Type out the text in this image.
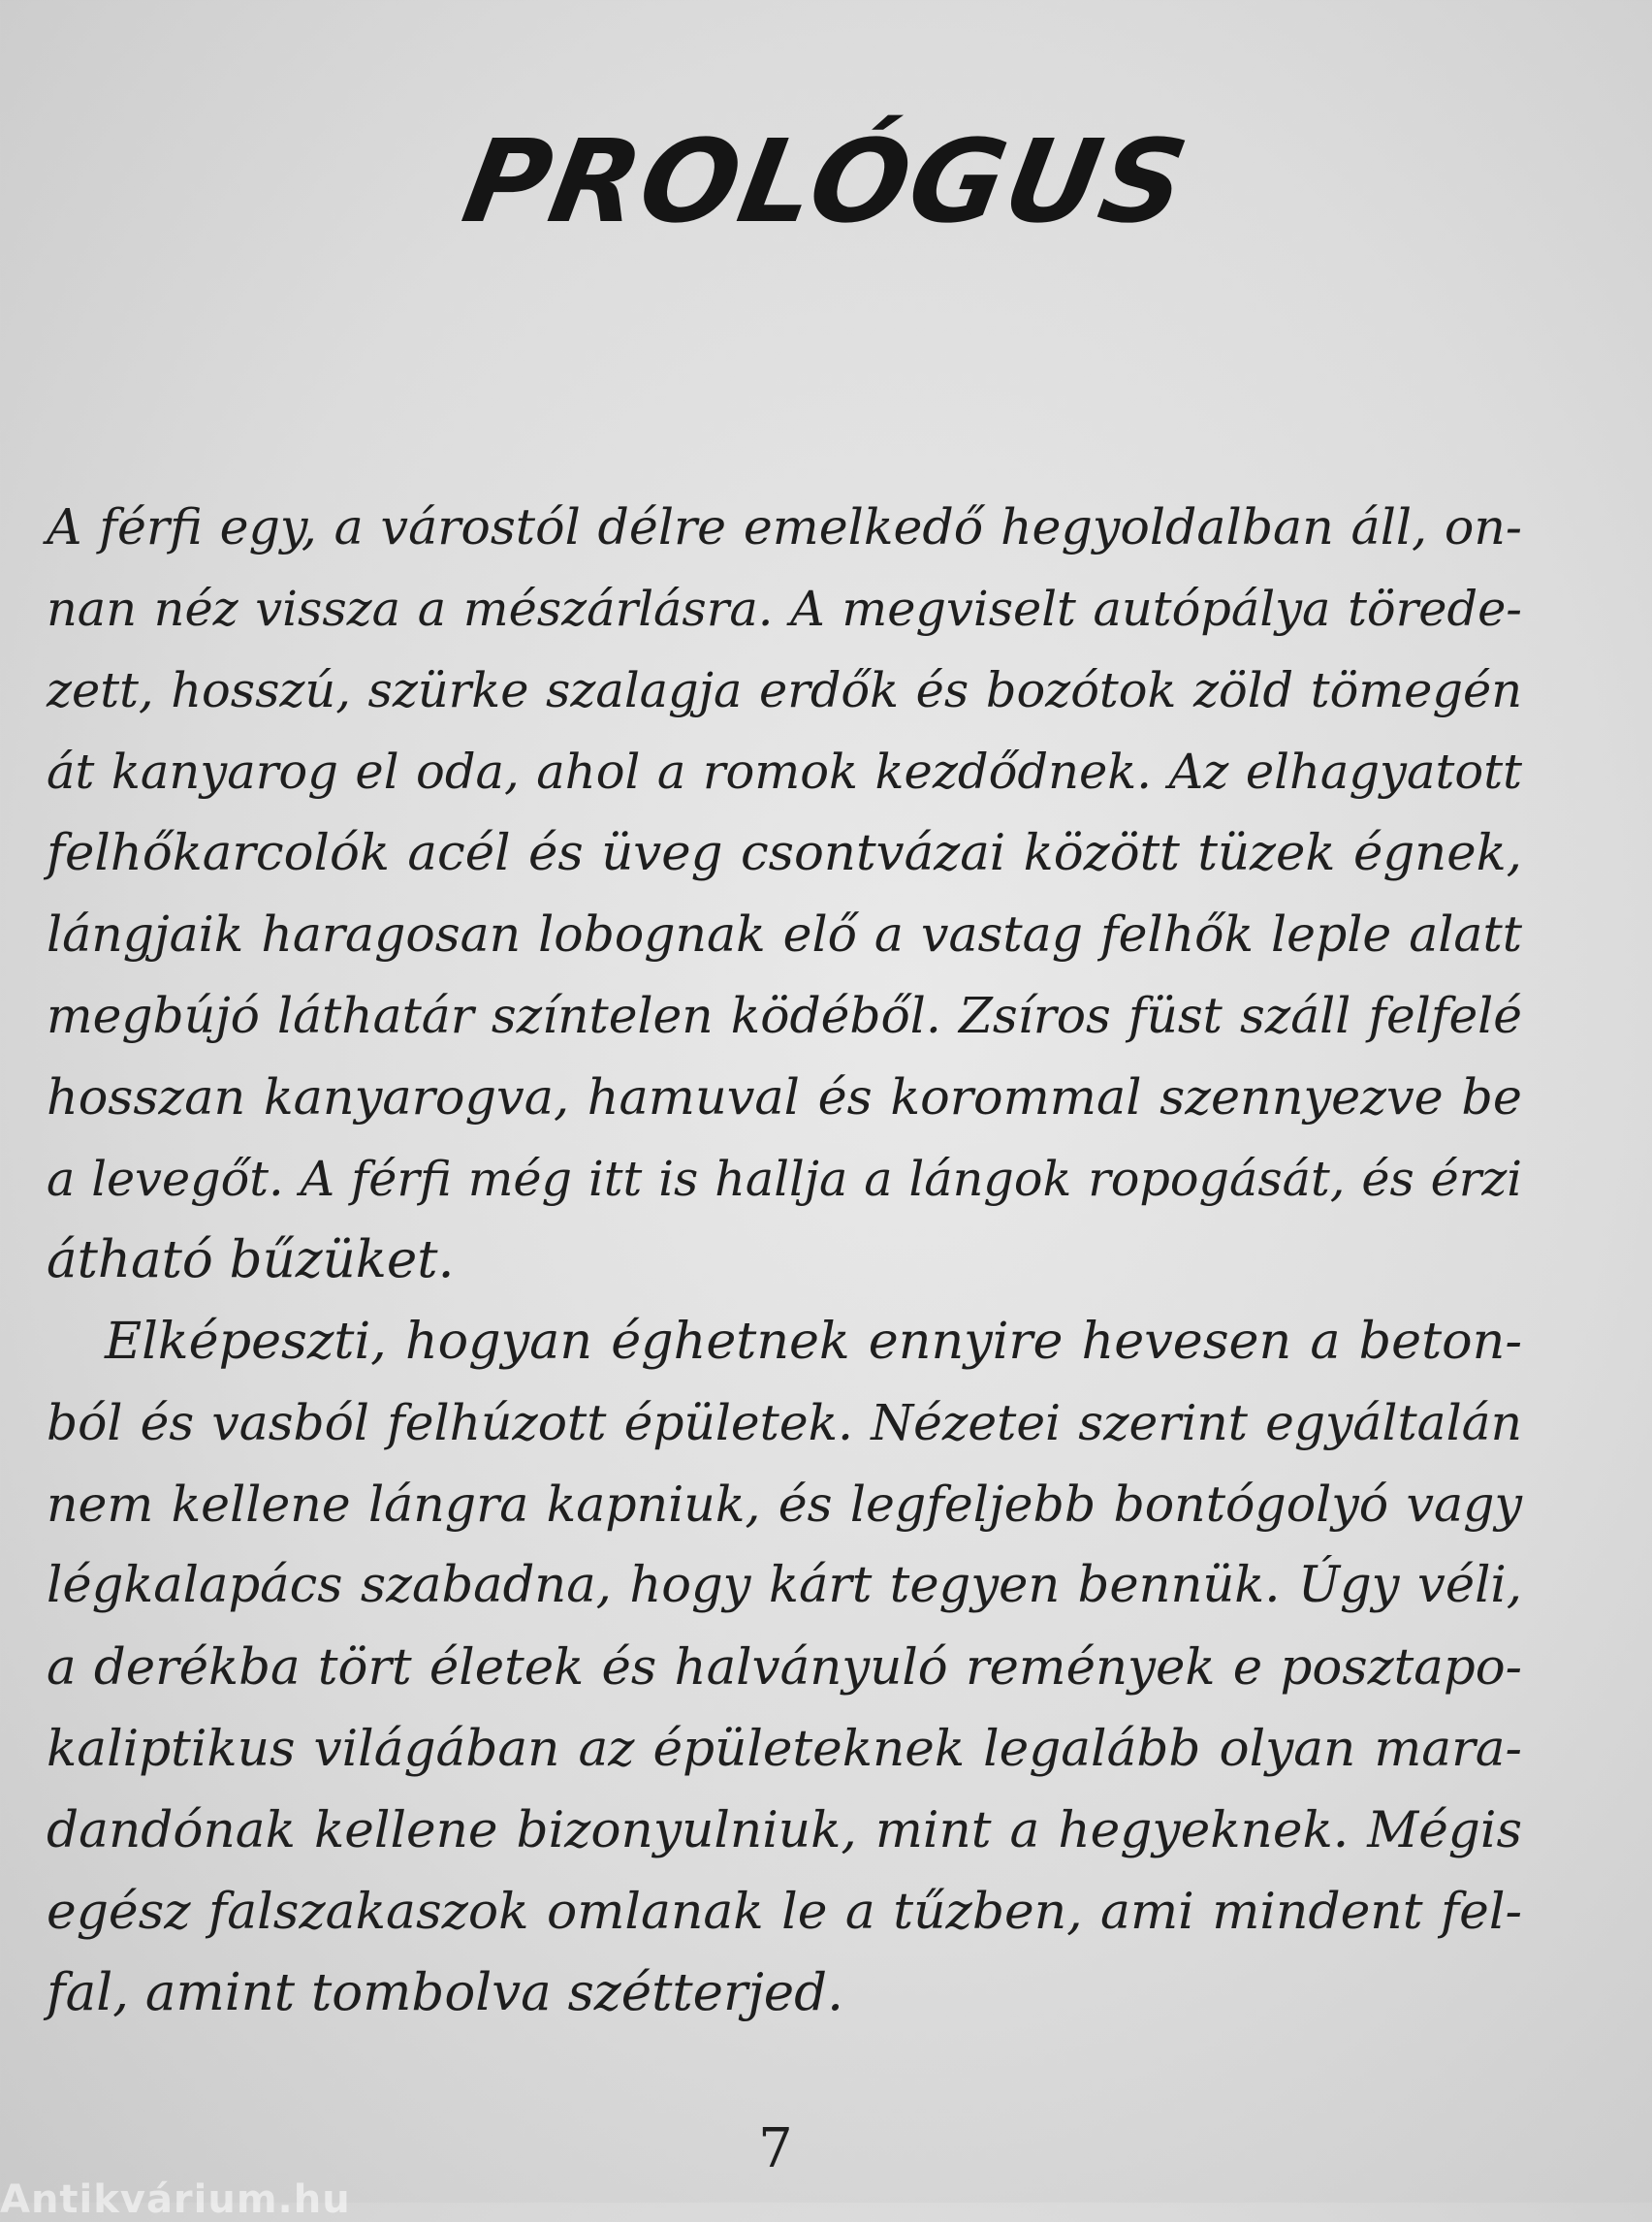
PROLÓGUS
A férfi egy, a várostól délre emelkedő hegyoldalban áll, on-
nan néz vissza a mészárlásra. A megviselt autópálya törede-
zett, hosszú, szürke szalagja erdők és bozótok zöld tömegén
át kanyarog el oda, ahol a romok kezdődnek. Az elhagyatott
felhőkarcolók acél és üveg csontvázai között tüzek égnek,
lángjaik haragosan lobognak elő a vastag felhők leple alatt
megbújó láthatár színtelen ködéből. Zsíros füst száll felfelé
hosszan kanyarogva, hamuval és korommal szennyezve be
a levegőt. A férfi még itt is hallja a lángok ropogását, és érzi
átható bűzüket.
Elképeszti, hogyan éghetnek ennyire hevesen a beton-
ból és vasból felhúzott épületek. Nézetei szerint egyáltalán
nem kellene lángra kapniuk, és legfeljebb bontógolyó vagy
légkalapács szabadna, hogy kárt tegyen bennük. Úgy véli,
a derékba tört életek és halványuló remények e posztapo-
kaliptikus világában az épületeknek legalább olyan mara-
dandónak kellene bizonyulniuk, mint a hegyeknek. Mégis
egész falszakaszok omlanak le a tűzben, ami mindent fel-
fal, amint tombolva szétterjed.
7
Antikvárium.hu
